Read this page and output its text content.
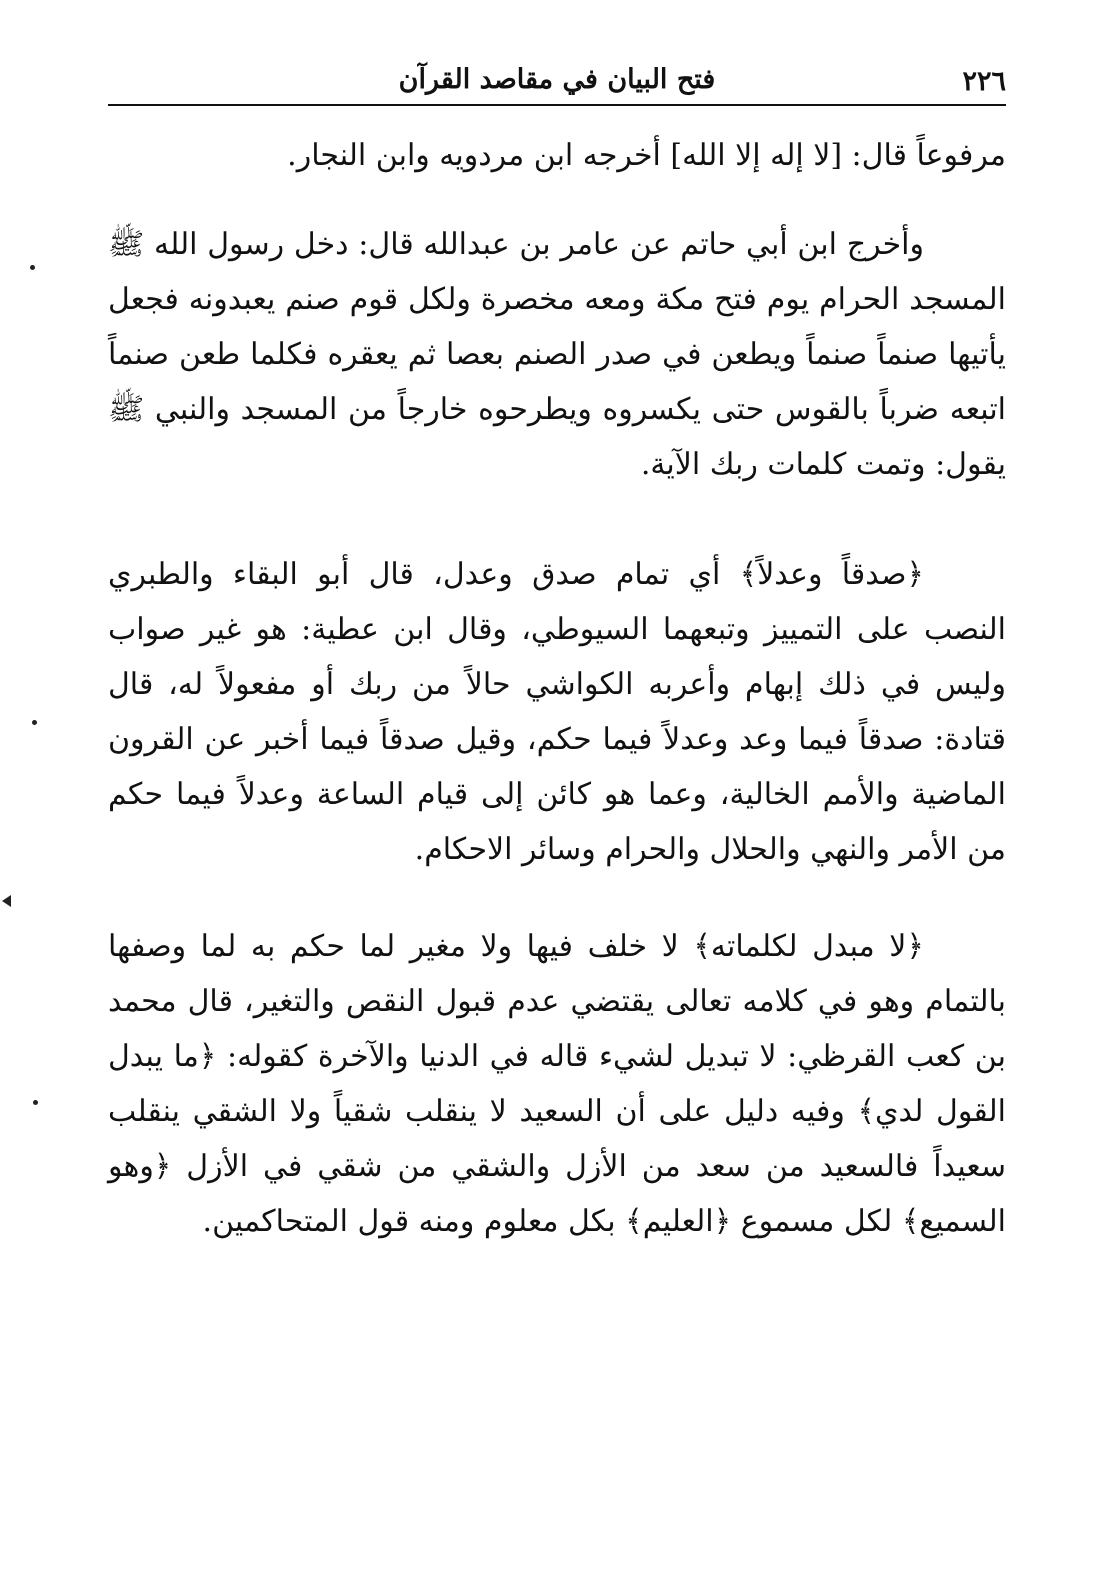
٢٢٦
فتح البيان في مقاصد القرآن

مرفوعاً قال: [لا إله إلا الله] أخرجه ابن مردويه وابن النجار.

وأخرج ابن أبي حاتم عن عامر بن عبدالله قال: دخل رسول الله ﷺ المسجد الحرام يوم فتح مكة ومعه مخصرة ولكل قوم صنم يعبدونه فجعل يأتيها صنماً صنماً ويطعن في صدر الصنم بعصا ثم يعقره فكلما طعن صنماً اتبعه ضرباً بالقوس حتى يكسروه ويطرحوه خارجاً من المسجد والنبي ﷺ يقول: وتمت كلمات ربك الآية.

﴿صدقاً وعدلاً﴾ أي تمام صدق وعدل، قال أبو البقاء والطبري النصب على التمييز وتبعهما السيوطي، وقال ابن عطية: هو غير صواب وليس في ذلك إبهام وأعربه الكواشي حالاً من ربك أو مفعولاً له، قال قتادة: صدقاً فيما وعد وعدلاً فيما حكم، وقيل صدقاً فيما أخبر عن القرون الماضية والأمم الخالية، وعما هو كائن إلى قيام الساعة وعدلاً فيما حكم من الأمر والنهي والحلال والحرام وسائر الاحكام.

﴿لا مبدل لكلماته﴾ لا خلف فيها ولا مغير لما حكم به لما وصفها بالتمام وهو في كلامه تعالى يقتضي عدم قبول النقص والتغير، قال محمد بن كعب القرظي: لا تبديل لشيء قاله في الدنيا والآخرة كقوله: ﴿ما يبدل القول لدي﴾ وفيه دليل على أن السعيد لا ينقلب شقياً ولا الشقي ينقلب سعيداً فالسعيد من سعد من الأزل والشقي من شقي في الأزل ﴿وهو السميع﴾ لكل مسموع ﴿العليم﴾ بكل معلوم ومنه قول المتحاكمين.
